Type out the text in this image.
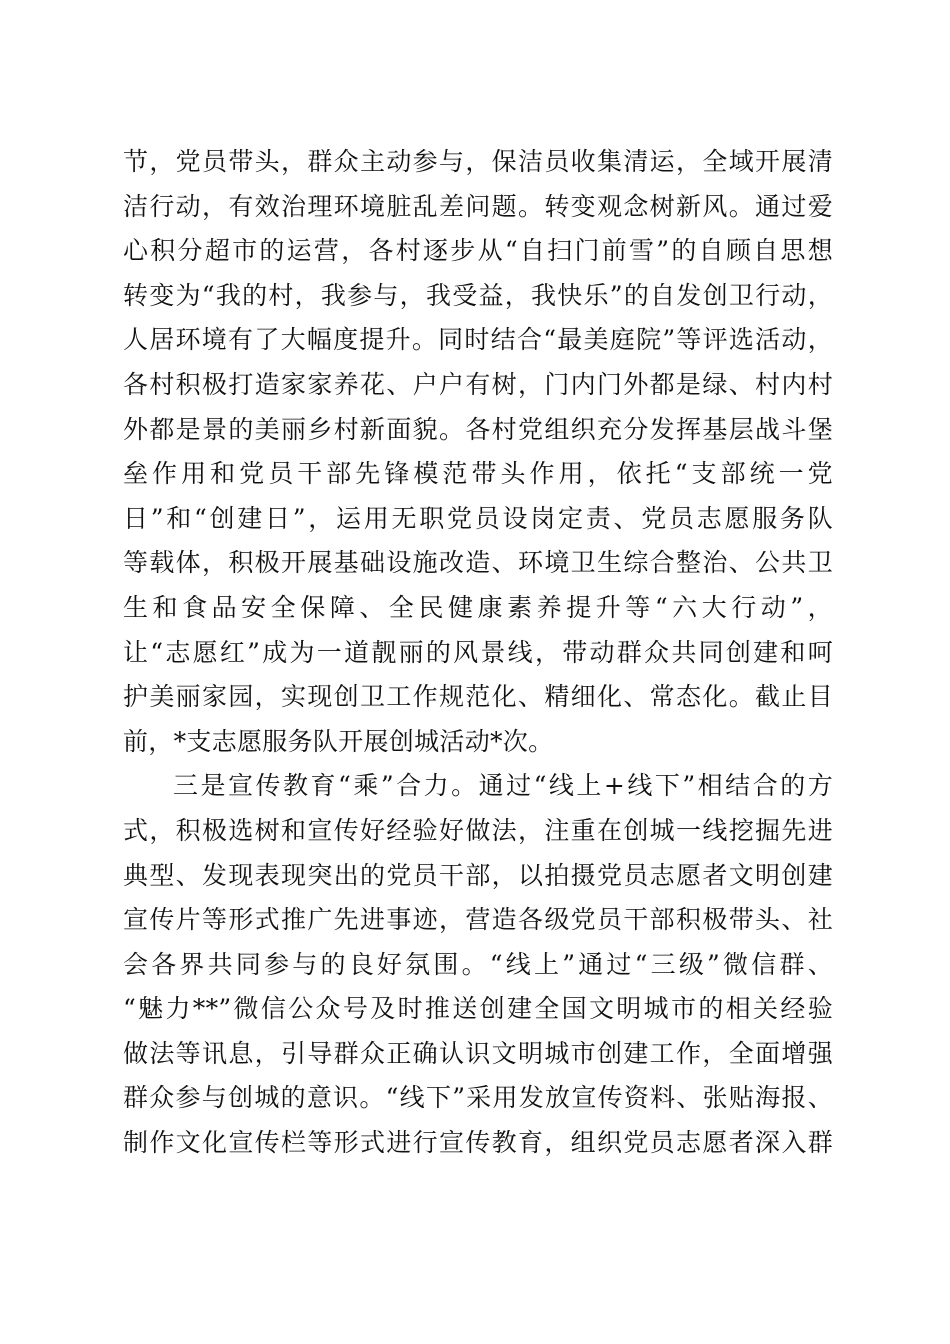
节，党员带头，群众主动参与，保洁员收集清运，全域开展清
洁行动，有效治理环境脏乱差问题。转变观念树新风。通过爱
心积分超市的运营，各村逐步从“自扫门前雪”的自顾自思想
转变为“我的村，我参与，我受益，我快乐”的自发创卫行动，
人居环境有了大幅度提升。同时结合“最美庭院”等评选活动，
各村积极打造家家养花、户户有树，门内门外都是绿、村内村
外都是景的美丽乡村新面貌。各村党组织充分发挥基层战斗堡
垒作用和党员干部先锋模范带头作用，依托“支部统一党
日”和“创建日”，运用无职党员设岗定责、党员志愿服务队
等载体，积极开展基础设施改造、环境卫生综合整治、公共卫
生和食品安全保障、全民健康素养提升等“六大行动”，
让“志愿红”成为一道靓丽的风景线，带动群众共同创建和呵
护美丽家园，实现创卫工作规范化、精细化、常态化。截止目
前，*支志愿服务队开展创城活动*次。
三是宣传教育“乘”合力。通过“线上+线下”相结合的方
式，积极选树和宣传好经验好做法，注重在创城一线挖掘先进
典型、发现表现突出的党员干部，以拍摄党员志愿者文明创建
宣传片等形式推广先进事迹，营造各级党员干部积极带头、社
会各界共同参与的良好氛围。“线上”通过“三级”微信群、
“魅力**”微信公众号及时推送创建全国文明城市的相关经验
做法等讯息，引导群众正确认识文明城市创建工作，全面增强
群众参与创城的意识。“线下”采用发放宣传资料、张贴海报、
制作文化宣传栏等形式进行宣传教育，组织党员志愿者深入群
